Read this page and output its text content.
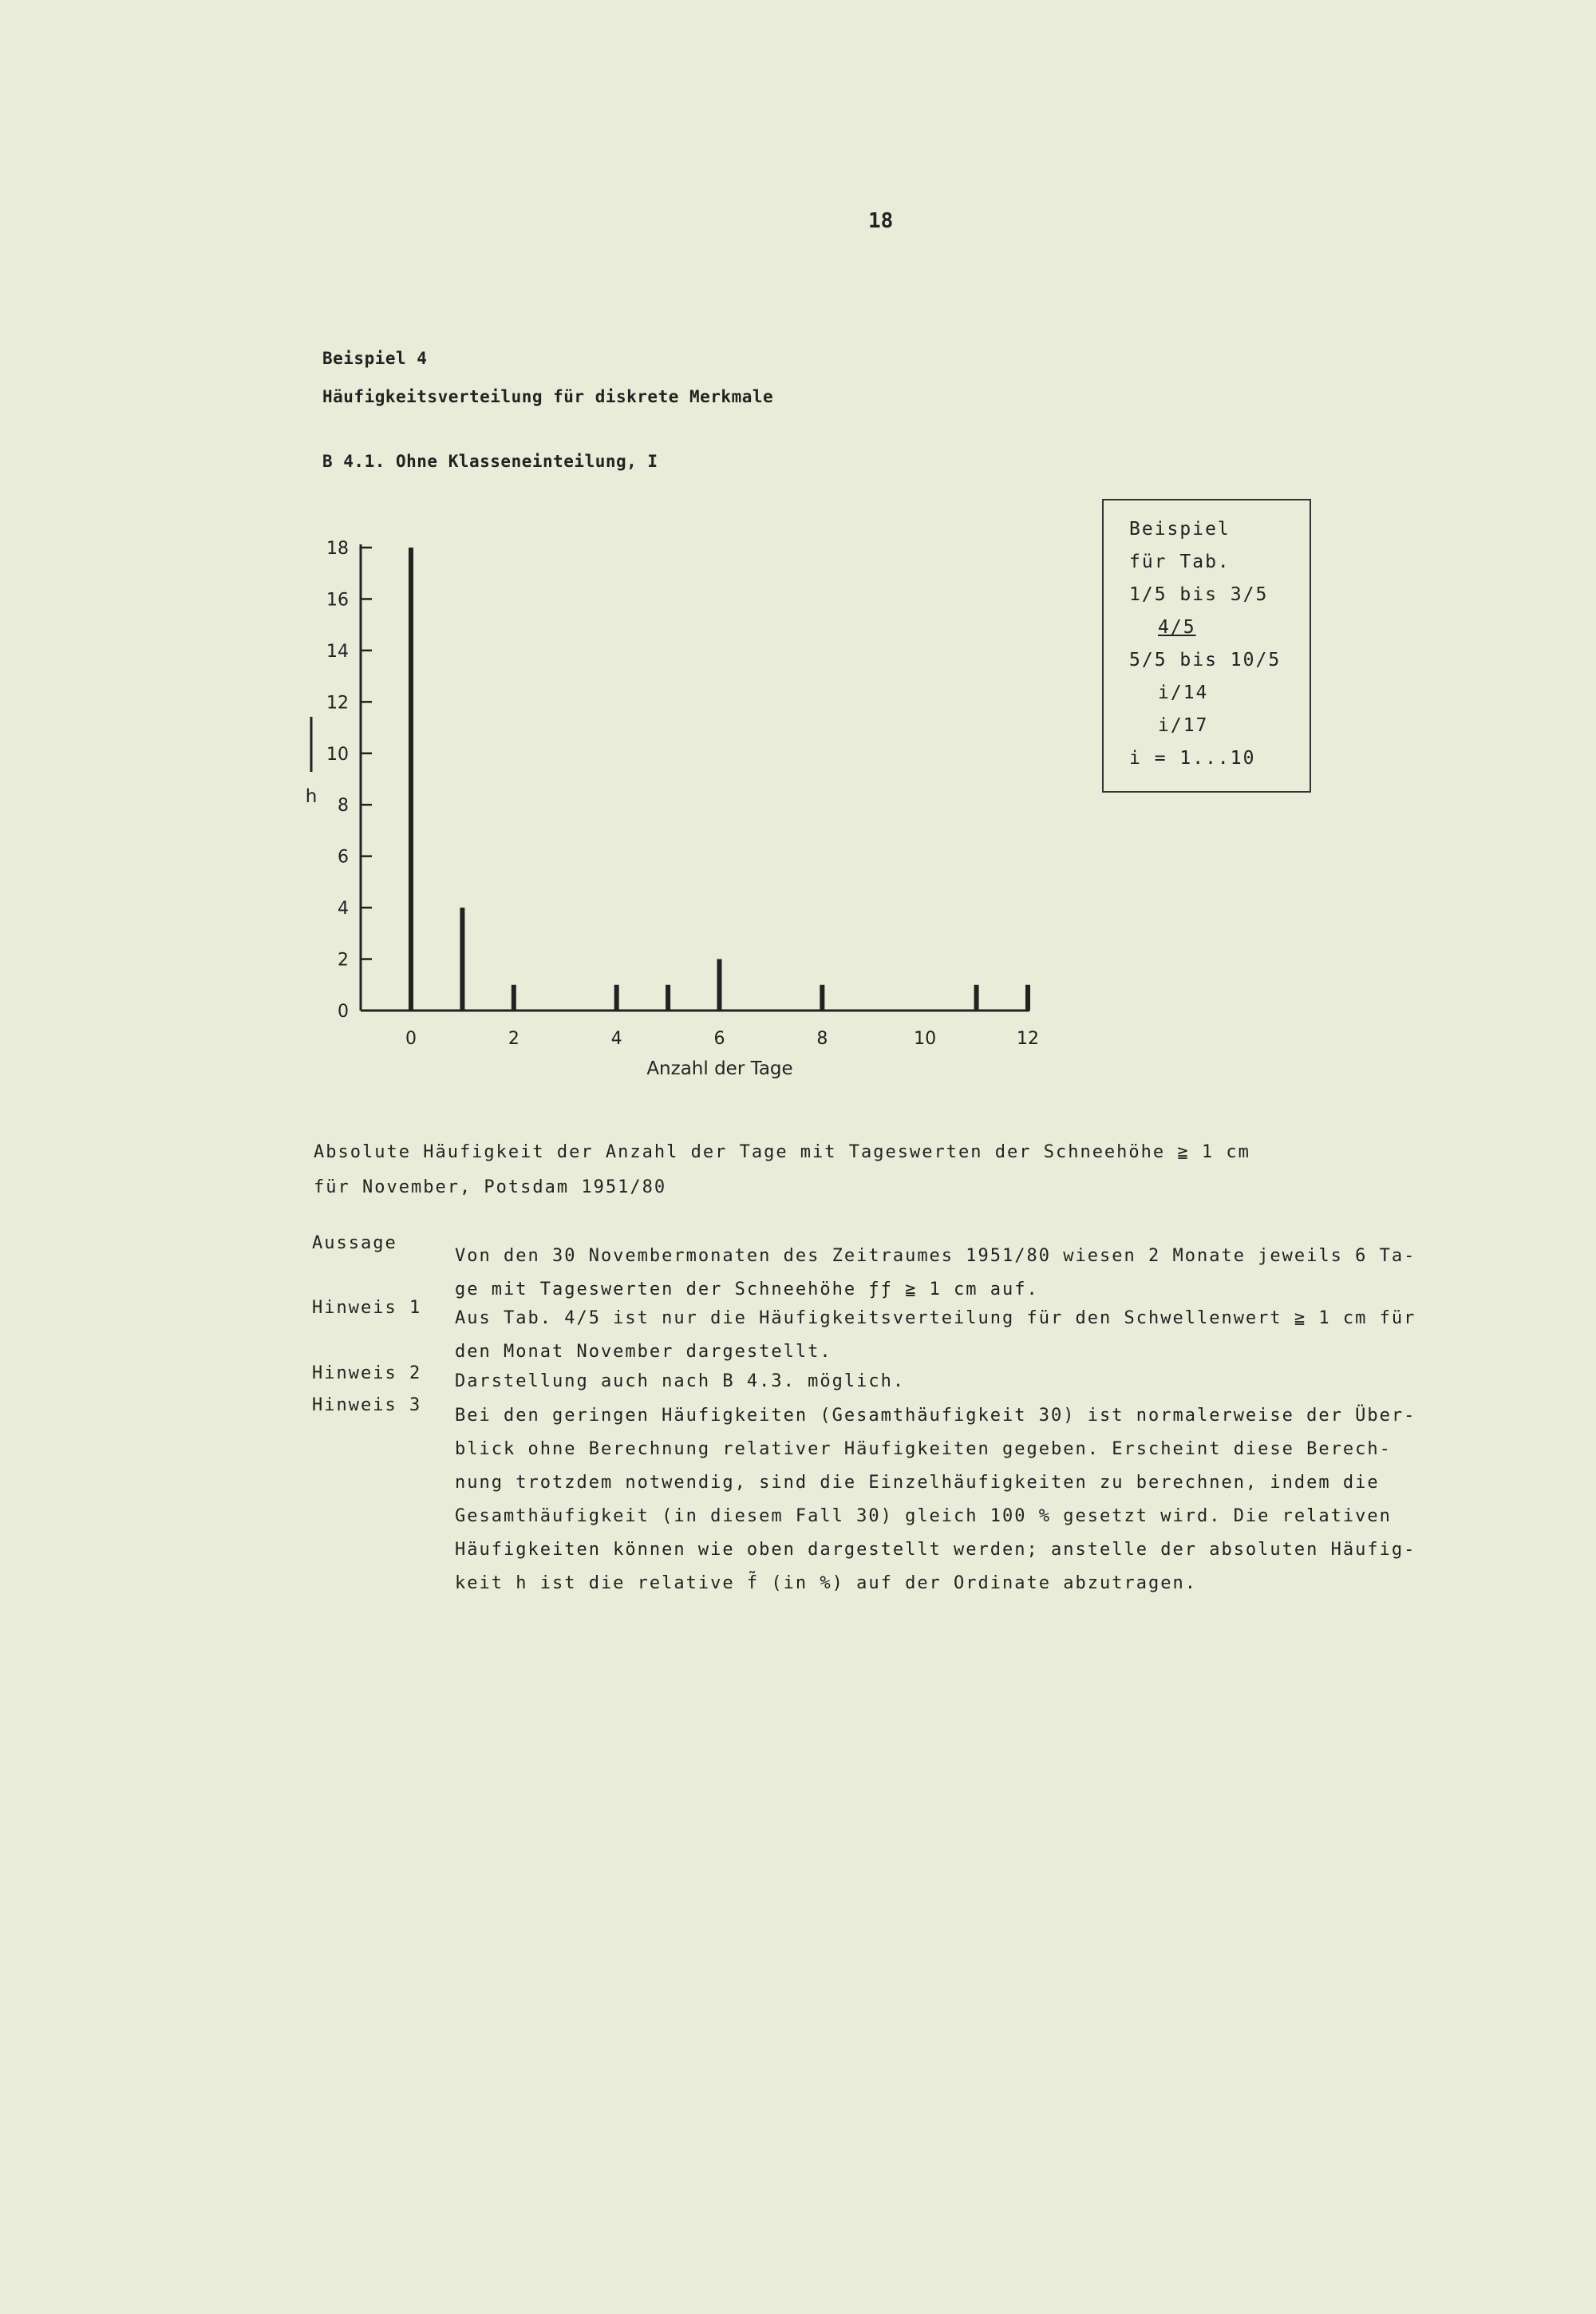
18
Beispiel 4
Häufigkeitsverteilung für diskrete Merkmale
B 4.1. Ohne Klasseneinteilung, I
0
2
4
6
8
10
12
14
16
18
0	2	4	6	8	10	12
Anzahl der Tage
h
Beispiel
für Tab.
1/5 bis 3/5
4/5
5/5 bis 10/5
i/14
i/17
i = 1...10
Absolute Häufigkeit der Anzahl der Tage mit Tageswerten der Schneehöhe ≧ 1 cm
für November, Potsdam 1951/80
Aussage
Von den 30 Novembermonaten des Zeitraumes 1951/80 wiesen 2 Monate jeweils 6 Ta-
ge mit Tageswerten der Schneehöhe ƒƒ ≧ 1 cm auf.
Hinweis 1
Aus Tab. 4/5 ist nur die Häufigkeitsverteilung für den Schwellenwert ≧ 1 cm für
den Monat November dargestellt.
Hinweis 2 Darstellung auch nach B 4.3. möglich.
Hinweis 3
Bei den geringen Häufigkeiten (Gesamthäufigkeit 30) ist normalerweise der Über-
blick ohne Berechnung relativer Häufigkeiten gegeben. Erscheint diese Berech-
nung trotzdem notwendig, sind die Einzelhäufigkeiten zu berechnen, indem die
Gesamthäufigkeit (in diesem Fall 30) gleich 100 % gesetzt wird. Die relativen
Häufigkeiten können wie oben dargestellt werden; anstelle der absoluten Häufig-
keit h ist die relative f̃ (in %) auf der Ordinate abzutragen.
